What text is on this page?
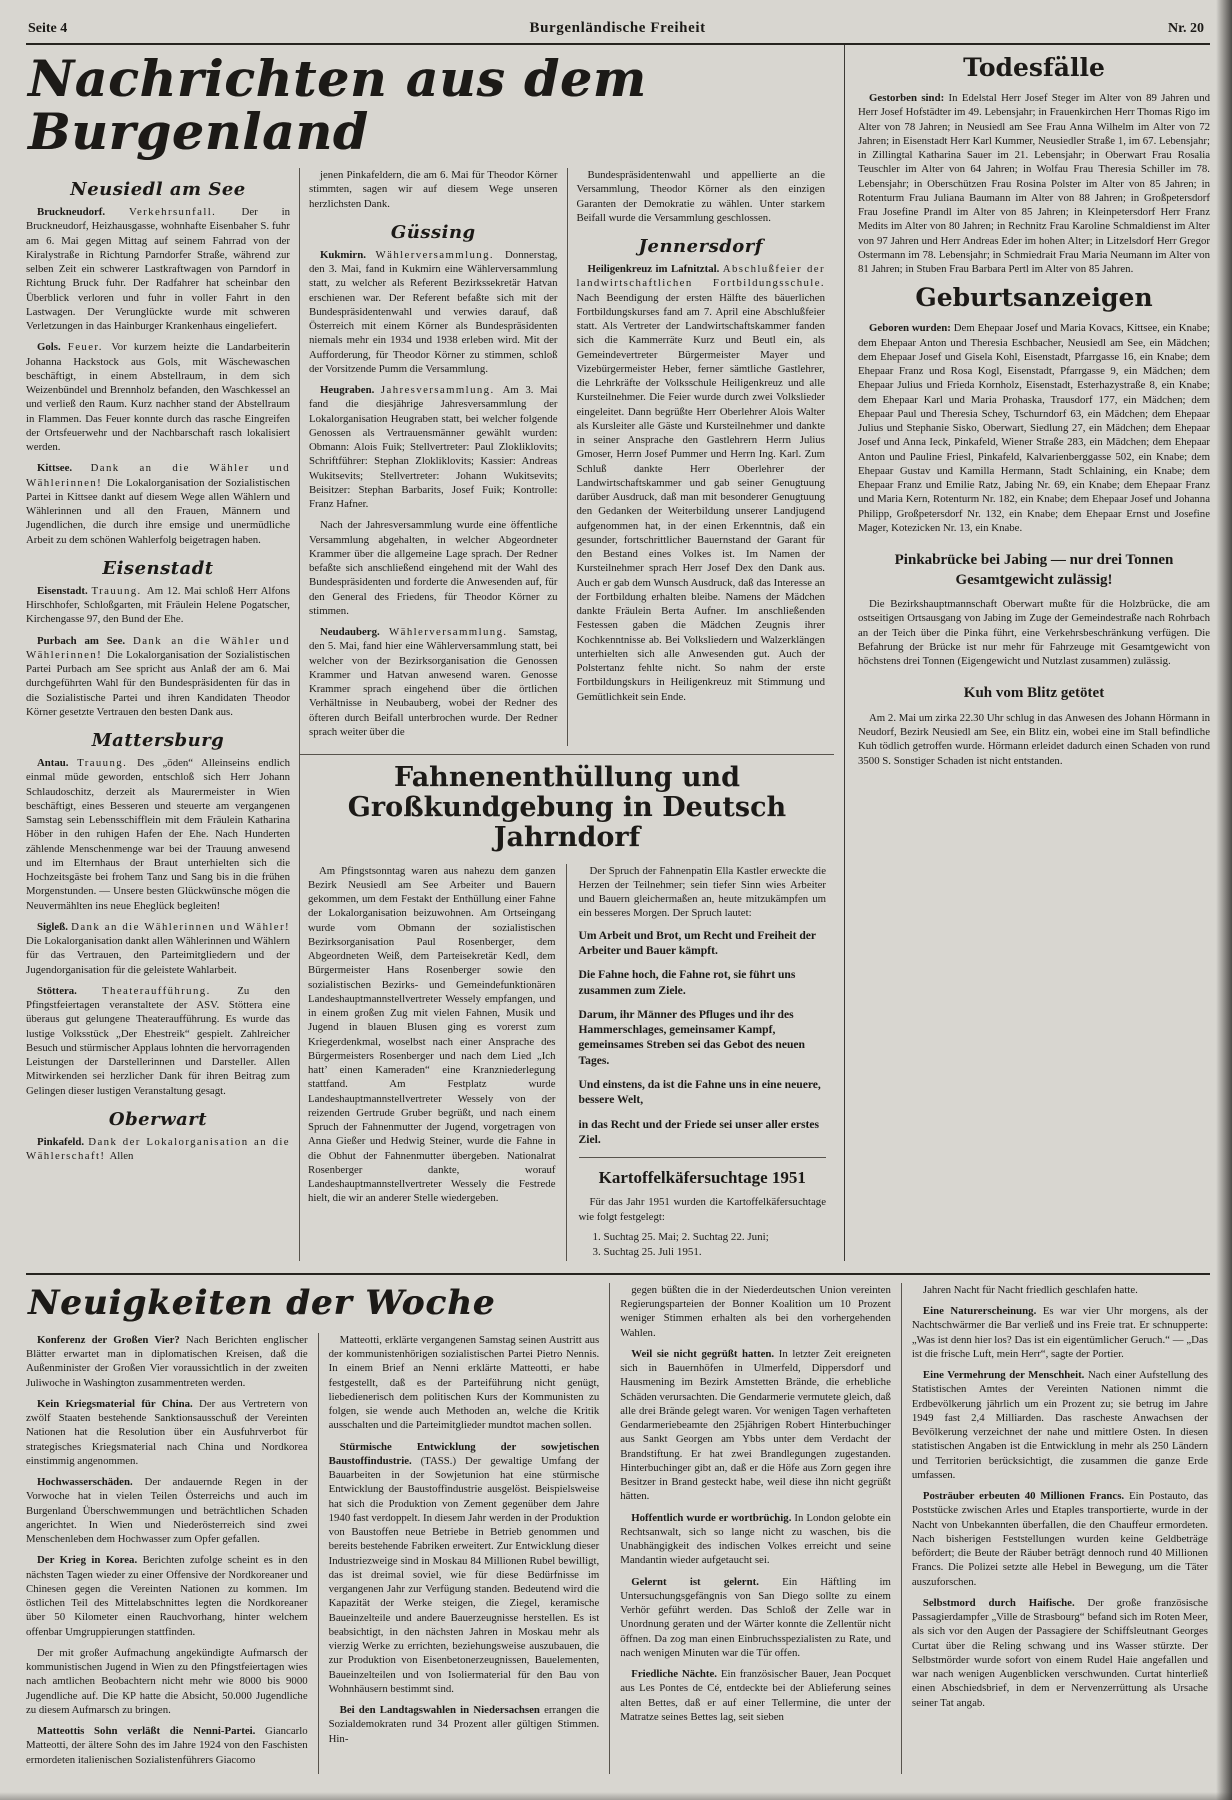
Seite 4	Burgenländische Freiheit	Nr. 20
Nachrichten aus dem Burgenland
Neusiedl am See

Bruckneudorf. Verkehrsunfall. Der in Bruckneudorf, Heizhausgasse, wohnhafte Eisenbaher S. fuhr am 6. Mai gegen Mittag auf seinem Fahrrad von der Kiralystraße in Richtung Parndorfer Straße, während zur selben Zeit ein schwerer Lastkraftwagen von Parndorf in Richtung Bruck fuhr. Der Radfahrer hat scheinbar den Überblick verloren und fuhr in voller Fahrt in den Lastwagen. Der Verunglückte wurde mit schweren Verletzungen in das Hainburger Krankenhaus eingeliefert.

Gols. Feuer. Vor kurzem heizte die Landarbeiterin Johanna Hackstock aus Gols, mit Wäschewaschen beschäftigt, in einem Abstellraum, in dem sich Weizenbündel und Brennholz befanden, den Waschkessel an und verließ den Raum. Kurz nachher stand der Abstellraum in Flammen. Das Feuer konnte durch das rasche Eingreifen der Ortsfeuerwehr und der Nachbarschaft rasch lokalisiert werden.

Kittsee. Dank an die Wähler und Wählerinnen! Die Lokalorganisation der Sozialistischen Partei in Kittsee dankt auf diesem Wege allen Wählern und Wählerinnen und all den Frauen, Männern und Jugendlichen, die durch ihre emsige und unermüdliche Arbeit zu dem schönen Wahlerfolg beigetragen haben.

Eisenstadt

Eisenstadt. Trauung. Am 12. Mai schloß Herr Alfons Hirschhofer, Schloßgarten, mit Fräulein Helene Pogatscher, Kirchengasse 97, den Bund der Ehe.

Purbach am See. Dank an die Wähler und Wählerinnen! Die Lokalorganisation der Sozialistischen Partei Purbach am See spricht aus Anlaß der am 6. Mai durchgeführten Wahl für den Bundespräsidenten für das in die Sozialistische Partei und ihren Kandidaten Theodor Körner gesetzte Vertrauen den besten Dank aus.

Mattersburg

Antau. Trauung. Des „öden“ Alleinseins endlich einmal müde geworden, entschloß sich Herr Johann Schlaudoschitz, derzeit als Maurermeister in Wien beschäftigt, eines Besseren und steuerte am vergangenen Samstag sein Lebensschifflein mit dem Fräulein Katharina Höber in den ruhigen Hafen der Ehe. Nach Hunderten zählende Menschenmenge war bei der Trauung anwesend und im Elternhaus der Braut unterhielten sich die Hochzeitsgäste bei frohem Tanz und Sang bis in die frühen Morgenstunden. — Unsere besten Glückwünsche mögen die Neuvermählten ins neue Eheglück begleiten!

Sigleß. Dank an die Wählerinnen und Wähler! Die Lokalorganisation dankt allen Wählerinnen und Wählern für das Vertrauen, den Parteimitgliedern und der Jugendorganisation für die geleistete Wahlarbeit.

Stöttera. Theateraufführung. Zu den Pfingstfeiertagen veranstaltete der ASV. Stöttera eine überaus gut gelungene Theateraufführung. Es wurde das lustige Volksstück „Der Ehestreik“ gespielt. Zahlreicher Besuch und stürmischer Applaus lohnten die hervorragenden Leistungen der Darstellerinnen und Darsteller. Allen Mitwirkenden sei herzlicher Dank für ihren Beitrag zum Gelingen dieser lustigen Veranstaltung gesagt.

Oberwart

Pinkafeld. Dank der Lokalorganisation an die Wählerschaft! Allen

jenen Pinkafeldern, die am 6. Mai für Theodor Körner stimmten, sagen wir auf diesem Wege unseren herzlichsten Dank.

Güssing

Kukmirn. Wählerversammlung. Donnerstag, den 3. Mai, fand in Kukmirn eine Wählerversammlung statt, zu welcher als Referent Bezirkssekretär Hatvan erschienen war. Der Referent befaßte sich mit der Bundespräsidentenwahl und verwies darauf, daß Österreich mit einem Körner als Bundespräsidenten niemals mehr ein 1934 und 1938 erleben wird. Mit der Aufforderung, für Theodor Körner zu stimmen, schloß der Vorsitzende Pumm die Versammlung.

Heugraben. Jahresversammlung. Am 3. Mai fand die diesjährige Jahresversammlung der Lokalorganisation Heugraben statt, bei welcher folgende Genossen als Vertrauensmänner gewählt wurden: Obmann: Alois Fuik; Stellvertreter: Paul Zlokliklovits; Schriftführer: Stephan Zlokliklovits; Kassier: Andreas Wukitsevits; Stellvertreter: Johann Wukitsevits; Beisitzer: Stephan Barbarits, Josef Fuik; Kontrolle: Franz Hafner.

Nach der Jahresversammlung wurde eine öffentliche Versammlung abgehalten, in welcher Abgeordneter Krammer über die allgemeine Lage sprach. Der Redner befaßte sich anschließend eingehend mit der Wahl des Bundespräsidenten und forderte die Anwesenden auf, für den General des Friedens, für Theodor Körner zu stimmen.

Neudauberg. Wählerversammlung. Samstag, den 5. Mai, fand hier eine Wählerversammlung statt, bei welcher von der Bezirksorganisation die Genossen Krammer und Hatvan anwesend waren. Genosse Krammer sprach eingehend über die örtlichen Verhältnisse in Neubauberg, wobei der Redner des öfteren durch Beifall unterbrochen wurde. Der Redner sprach weiter über die

Bundespräsidentenwahl und appellierte an die Versammlung, Theodor Körner als den einzigen Garanten der Demokratie zu wählen. Unter starkem Beifall wurde die Versammlung geschlossen.

Jennersdorf

Heiligenkreuz im Lafnitztal. Abschlußfeier der landwirtschaftlichen Fortbildungsschule. Nach Beendigung der ersten Hälfte des bäuerlichen Fortbildungskurses fand am 7. April eine Abschlußfeier statt. Als Vertreter der Landwirtschaftskammer fanden sich die Kammerräte Kurz und Beutl ein, als Gemeindevertreter Bürgermeister Mayer und Vizebürgermeister Heber, ferner sämtliche Gastlehrer, die Lehrkräfte der Volksschule Heiligenkreuz und alle Kursteilnehmer. Die Feier wurde durch zwei Volkslieder eingeleitet. Dann begrüßte Herr Oberlehrer Alois Walter als Kursleiter alle Gäste und Kursteilnehmer und dankte in seiner Ansprache den Gastlehrern Herrn Julius Gmoser, Herrn Josef Pummer und Herrn Ing. Karl. Zum Schluß dankte Herr Oberlehrer der Landwirtschaftskammer und gab seiner Genugtuung darüber Ausdruck, daß man mit besonderer Genugtuung den Gedanken der Weiterbildung unserer Landjugend aufgenommen hat, in der einen Erkenntnis, daß ein gesunder, fortschrittlicher Bauernstand der Garant für den Bestand eines Volkes ist. Im Namen der Kursteilnehmer sprach Herr Josef Dex den Dank aus. Auch er gab dem Wunsch Ausdruck, daß das Interesse an der Fortbildung erhalten bleibe. Namens der Mädchen dankte Fräulein Berta Aufner. Im anschließenden Festessen gaben die Mädchen Zeugnis ihrer Kochkenntnisse ab. Bei Volksliedern und Walzerklängen unterhielten sich alle Anwesenden gut. Auch der Polstertanz fehlte nicht. So nahm der erste Fortbildungskurs in Heiligenkreuz mit Stimmung und Gemütlichkeit sein Ende.

Fahnenenthüllung und Großkundgebung in Deutsch Jahrndorf

Am Pfingstsonntag waren aus nahezu dem ganzen Bezirk Neusiedl am See Arbeiter und Bauern gekommen, um dem Festakt der Enthüllung einer Fahne der Lokalorganisation beizuwohnen. Am Ortseingang wurde vom Obmann der sozialistischen Bezirksorganisation Paul Rosenberger, dem Abgeordneten Weiß, dem Parteisekretär Kedl, dem Bürgermeister Hans Rosenberger sowie den sozialistischen Bezirks- und Gemeindefunktionären Landeshauptmannstellvertreter Wessely empfangen, und in einem großen Zug mit vielen Fahnen, Musik und Jugend in blauen Blusen ging es vorerst zum Kriegerdenkmal, woselbst nach einer Ansprache des Bürgermeisters Rosenberger und nach dem Lied „Ich hatt’ einen Kameraden“ eine Kranzniederlegung stattfand. Am Festplatz wurde Landeshauptmannstellvertreter Wessely von der reizenden Gertrude Gruber begrüßt, und nach einem Spruch der Fahnenmutter der Jugend, vorgetragen von Anna Gießer und Hedwig Steiner, wurde die Fahne in die Obhut der Fahnenmutter übergeben. Nationalrat Rosenberger dankte, worauf Landeshauptmannstellvertreter Wessely die Festrede hielt, die wir an anderer Stelle wiedergeben.

Der Spruch der Fahnenpatin Ella Kastler erweckte die Herzen der Teilnehmer; sein tiefer Sinn wies Arbeiter und Bauern gleichermaßen an, heute mitzukämpfen um ein besseres Morgen. Der Spruch lautet:

Um Arbeit und Brot, um Recht und Freiheit der Arbeiter und Bauer kämpft.

Die Fahne hoch, die Fahne rot, sie führt uns zusammen zum Ziele.

Darum, ihr Männer des Pfluges und ihr des Hammerschlages, gemeinsamer Kampf, gemeinsames Streben sei das Gebot des neuen Tages.

Und einstens, da ist die Fahne uns in eine neuere, bessere Welt,

in das Recht und der Friede sei unser aller erstes Ziel.

Kartoffelkäfersuchtage 1951

Für das Jahr 1951 wurden die Kartoffelkäfersuchtage wie folgt festgelegt:

1. Suchtag 25. Mai; 2. Suchtag 22. Juni;

3. Suchtag 25. Juli 1951.

Todesfälle

Gestorben sind: In Edelstal Herr Josef Steger im Alter von 89 Jahren und Herr Josef Hofstädter im 49. Lebensjahr; in Frauenkirchen Herr Thomas Rigo im Alter von 78 Jahren; in Neusiedl am See Frau Anna Wilhelm im Alter von 72 Jahren; in Eisenstadt Herr Karl Kummer, Neusiedler Straße 1, im 67. Lebensjahr; in Zillingtal Katharina Sauer im 21. Lebensjahr; in Oberwart Frau Rosalia Teuschler im Alter von 64 Jahren; in Wolfau Frau Theresia Schiller im 78. Lebensjahr; in Oberschützen Frau Rosina Polster im Alter von 85 Jahren; in Rotenturm Frau Juliana Baumann im Alter von 88 Jahren; in Großpetersdorf Frau Josefine Prandl im Alter von 85 Jahren; in Kleinpetersdorf Herr Franz Medits im Alter von 80 Jahren; in Rechnitz Frau Karoline Schmaldienst im Alter von 97 Jahren und Herr Andreas Eder im hohen Alter; in Litzelsdorf Herr Gregor Ostermann im 78. Lebensjahr; in Schmiedrait Frau Maria Neumann im Alter von 81 Jahren; in Stuben Frau Barbara Pertl im Alter von 85 Jahren.

Geburtsanzeigen

Geboren wurden: Dem Ehepaar Josef und Maria Kovacs, Kittsee, ein Knabe; dem Ehepaar Anton und Theresia Eschbacher, Neusiedl am See, ein Mädchen; dem Ehepaar Josef und Gisela Kohl, Eisenstadt, Pfarrgasse 16, ein Knabe; dem Ehepaar Franz und Rosa Kogl, Eisenstadt, Pfarrgasse 9, ein Mädchen; dem Ehepaar Julius und Frieda Kornholz, Eisenstadt, Esterhazystraße 8, ein Knabe; dem Ehepaar Karl und Maria Prohaska, Trausdorf 177, ein Mädchen; dem Ehepaar Paul und Theresia Schey, Tschurndorf 63, ein Mädchen; dem Ehepaar Julius und Stephanie Sisko, Oberwart, Siedlung 27, ein Mädchen; dem Ehepaar Josef und Anna Ieck, Pinkafeld, Wiener Straße 283, ein Mädchen; dem Ehepaar Anton und Pauline Friesl, Pinkafeld, Kalvarienberggasse 502, ein Knabe; dem Ehepaar Gustav und Kamilla Hermann, Stadt Schlaining, ein Knabe; dem Ehepaar Franz und Emilie Ratz, Jabing Nr. 69, ein Knabe; dem Ehepaar Franz und Maria Kern, Rotenturm Nr. 182, ein Knabe; dem Ehepaar Josef und Johanna Philipp, Großpetersdorf Nr. 132, ein Knabe; dem Ehepaar Ernst und Josefine Mager, Kotezicken Nr. 13, ein Knabe.

Pinkabrücke bei Jabing — nur drei Tonnen Gesamtgewicht zulässig!

Die Bezirkshauptmannschaft Oberwart mußte für die Holzbrücke, die am ostseitigen Ortsausgang von Jabing im Zuge der Gemeindestraße nach Rohrbach an der Teich über die Pinka führt, eine Verkehrsbeschränkung verfügen. Die Befahrung der Brücke ist nur mehr für Fahrzeuge mit Gesamtgewicht von höchstens drei Tonnen (Eigengewicht und Nutzlast zusammen) zulässig.

Kuh vom Blitz getötet

Am 2. Mai um zirka 22.30 Uhr schlug in das Anwesen des Johann Hörmann in Neudorf, Bezirk Neusiedl am See, ein Blitz ein, wobei eine im Stall befindliche Kuh tödlich getroffen wurde. Hörmann erleidet dadurch einen Schaden von rund 3500 S. Sonstiger Schaden ist nicht entstanden.

Neuigkeiten der Woche

Konferenz der Großen Vier? Nach Berichten englischer Blätter erwartet man in diplomatischen Kreisen, daß die Außenminister der Großen Vier voraussichtlich in der zweiten Juliwoche in Washington zusammentreten werden.

Kein Kriegsmaterial für China. Der aus Vertretern von zwölf Staaten bestehende Sanktionsausschuß der Vereinten Nationen hat die Resolution über ein Ausfuhrverbot für strategisches Kriegsmaterial nach China und Nordkorea einstimmig angenommen.

Hochwasserschäden. Der andauernde Regen in der Vorwoche hat in vielen Teilen Österreichs und auch im Burgenland Überschwemmungen und beträchtlichen Schaden angerichtet. In Wien und Niederösterreich sind zwei Menschenleben dem Hochwasser zum Opfer gefallen.

Der Krieg in Korea. Berichten zufolge scheint es in den nächsten Tagen wieder zu einer Offensive der Nordkoreaner und Chinesen gegen die Vereinten Nationen zu kommen. Im östlichen Teil des Mittelabschnittes legten die Nordkoreaner über 50 Kilometer einen Rauchvorhang, hinter welchem offenbar Umgruppierungen stattfinden.

Der mit großer Aufmachung angekündigte Aufmarsch der kommunistischen Jugend in Wien zu den Pfingstfeiertagen wies nach amtlichen Beobachtern nicht mehr wie 8000 bis 9000 Jugendliche auf. Die KP hatte die Absicht, 50.000 Jugendliche zu diesem Aufmarsch zu bringen.

Matteottis Sohn verläßt die Nenni-Partei. Giancarlo Matteotti, der ältere Sohn des im Jahre 1924 von den Faschisten ermordeten italienischen Sozialistenführers Giacomo

Matteotti, erklärte vergangenen Samstag seinen Austritt aus der kommunistenhörigen sozialistischen Partei Pietro Nennis. In einem Brief an Nenni erklärte Matteotti, er habe festgestellt, daß es der Parteiführung nicht genügt, liebedienerisch dem politischen Kurs der Kommunisten zu folgen, sie wende auch Methoden an, welche die Kritik ausschalten und die Parteimitglieder mundtot machen sollen.

Stürmische Entwicklung der sowjetischen Baustoffindustrie. (TASS.) Der gewaltige Umfang der Bauarbeiten in der Sowjetunion hat eine stürmische Entwicklung der Baustoffindustrie ausgelöst. Beispielsweise hat sich die Produktion von Zement gegenüber dem Jahre 1940 fast verdoppelt. In diesem Jahr werden in der Produktion von Baustoffen neue Betriebe in Betrieb genommen und bereits bestehende Fabriken erweitert. Zur Entwicklung dieser Industriezweige sind in Moskau 84 Millionen Rubel bewilligt, das ist dreimal soviel, wie für diese Bedürfnisse im vergangenen Jahr zur Verfügung standen. Bedeutend wird die Kapazität der Werke steigen, die Ziegel, keramische Baueinzelteile und andere Bauerzeugnisse herstellen. Es ist beabsichtigt, in den nächsten Jahren in Moskau mehr als vierzig Werke zu errichten, beziehungsweise auszubauen, die zur Produktion von Eisenbetonerzeugnissen, Bauelementen, Baueinzelteilen und von Isoliermaterial für den Bau von Wohnhäusern bestimmt sind.

Bei den Landtagswahlen in Niedersachsen errangen die Sozialdemokraten rund 34 Prozent aller gültigen Stimmen. Hin-

gegen büßten die in der Niederdeutschen Union vereinten Regierungsparteien der Bonner Koalition um 10 Prozent weniger Stimmen erhalten als bei den vorhergehenden Wahlen.

Weil sie nicht gegrüßt hatten. In letzter Zeit ereigneten sich in Bauernhöfen in Ulmerfeld, Dippersdorf und Hausmening im Bezirk Amstetten Brände, die erhebliche Schäden verursachten. Die Gendarmerie vermutete gleich, daß alle drei Brände gelegt waren. Vor wenigen Tagen verhafteten Gendarmeriebeamte den 25jährigen Robert Hinterbuchinger aus Sankt Georgen am Ybbs unter dem Verdacht der Brandstiftung. Er hat zwei Brandlegungen zugestanden. Hinterbuchinger gibt an, daß er die Höfe aus Zorn gegen ihre Besitzer in Brand gesteckt habe, weil diese ihn nicht gegrüßt hätten.

Hoffentlich wurde er wortbrüchig. In London gelobte ein Rechtsanwalt, sich so lange nicht zu waschen, bis die Unabhängigkeit des indischen Volkes erreicht und seine Mandantin wieder aufgetaucht sei.

Gelernt ist gelernt. Ein Häftling im Untersuchungsgefängnis von San Diego sollte zu einem Verhör geführt werden. Das Schloß der Zelle war in Unordnung geraten und der Wärter konnte die Zellentür nicht öffnen. Da zog man einen Einbruchsspezialisten zu Rate, und nach wenigen Minuten war die Tür offen.

Friedliche Nächte. Ein französischer Bauer, Jean Pocquet aus Les Pontes de Cé, entdeckte bei der Ablieferung seines alten Bettes, daß er auf einer Tellermine, die unter der Matratze seines Bettes lag, seit sieben

Jahren Nacht für Nacht friedlich geschlafen hatte.

Eine Naturerscheinung. Es war vier Uhr morgens, als der Nachtschwärmer die Bar verließ und ins Freie trat. Er schnupperte: „Was ist denn hier los? Das ist ein eigentümlicher Geruch.“ — „Das ist die frische Luft, mein Herr“, sagte der Portier.

Eine Vermehrung der Menschheit. Nach einer Aufstellung des Statistischen Amtes der Vereinten Nationen nimmt die Erdbevölkerung jährlich um ein Prozent zu; sie betrug im Jahre 1949 fast 2,4 Milliarden. Das rascheste Anwachsen der Bevölkerung verzeichnet der nahe und mittlere Osten. In diesen statistischen Angaben ist die Entwicklung in mehr als 250 Ländern und Territorien berücksichtigt, die zusammen die ganze Erde umfassen.

Posträuber erbeuten 40 Millionen Francs. Ein Postauto, das Poststücke zwischen Arles und Etaples transportierte, wurde in der Nacht von Unbekannten überfallen, die den Chauffeur ermordeten. Nach bisherigen Feststellungen wurden keine Geldbeträge befördert; die Beute der Räuber beträgt dennoch rund 40 Millionen Francs. Die Polizei setzte alle Hebel in Bewegung, um die Täter auszuforschen.

Selbstmord durch Haifische. Der große französische Passagierdampfer „Ville de Strasbourg“ befand sich im Roten Meer, als sich vor den Augen der Passagiere der Schiffsleutnant Georges Curtat über die Reling schwang und ins Wasser stürzte. Der Selbstmörder wurde sofort von einem Rudel Haie angefallen und war nach wenigen Augenblicken verschwunden. Curtat hinterließ einen Abschiedsbrief, in dem er Nervenzerrüttung als Ursache seiner Tat angab.
